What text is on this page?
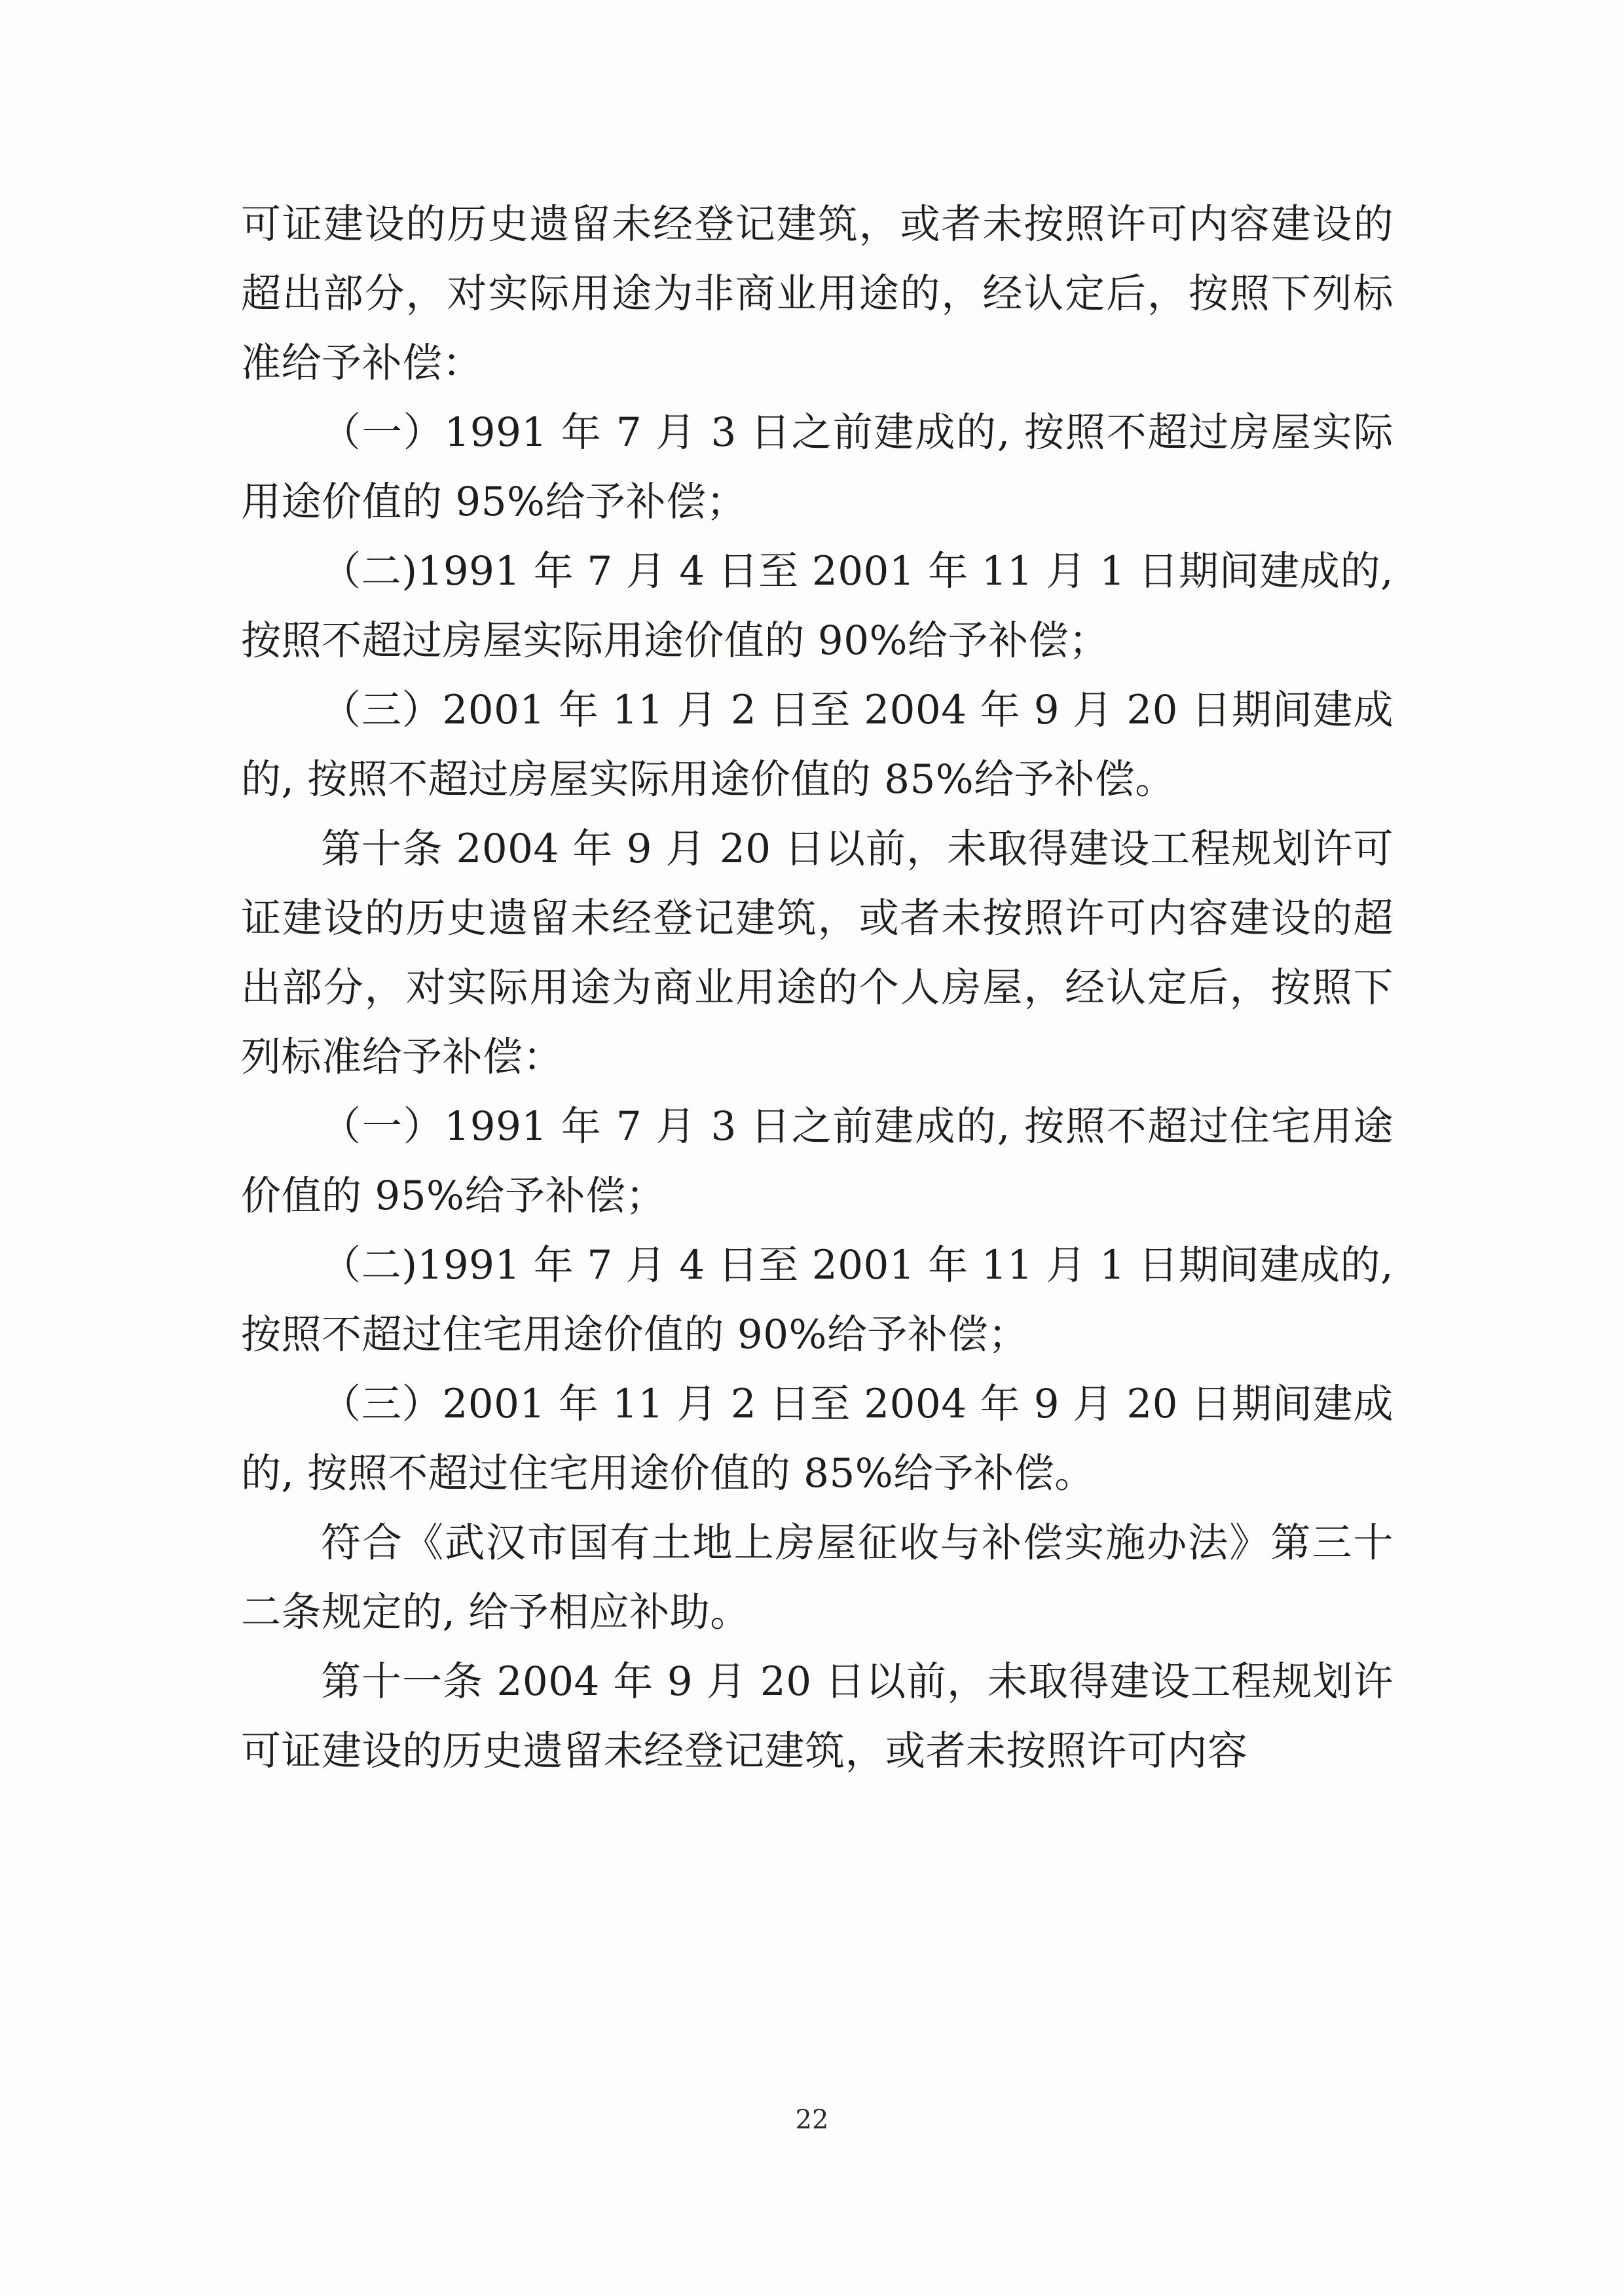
可证建设的历史遗留未经登记建筑，或者未按照许可内容建设的超出部分，对实际用途为非商业用途的，经认定后，按照下列标准给予补偿：

（一）1991 年 7 月 3 日之前建成的, 按照不超过房屋实际用途价值的 95%给予补偿；

（二)1991 年 7 月 4 日至 2001 年 11 月 1 日期间建成的, 按照不超过房屋实际用途价值的 90%给予补偿；

（三）2001 年 11 月 2 日至 2004 年 9 月 20 日期间建成的, 按照不超过房屋实际用途价值的 85%给予补偿。

第十条 2004 年 9 月 20 日以前，未取得建设工程规划许可证建设的历史遗留未经登记建筑，或者未按照许可内容建设的超出部分，对实际用途为商业用途的个人房屋，经认定后，按照下列标准给予补偿：

（一）1991 年 7 月 3 日之前建成的, 按照不超过住宅用途价值的 95%给予补偿；

（二)1991 年 7 月 4 日至 2001 年 11 月 1 日期间建成的, 按照不超过住宅用途价值的 90%给予补偿；

（三）2001 年 11 月 2 日至 2004 年 9 月 20 日期间建成的, 按照不超过住宅用途价值的 85%给予补偿。

符合《武汉市国有土地上房屋征收与补偿实施办法》第三十二条规定的, 给予相应补助。

第十一条 2004 年 9 月 20 日以前，未取得建设工程规划许可证建设的历史遗留未经登记建筑，或者未按照许可内容

22
